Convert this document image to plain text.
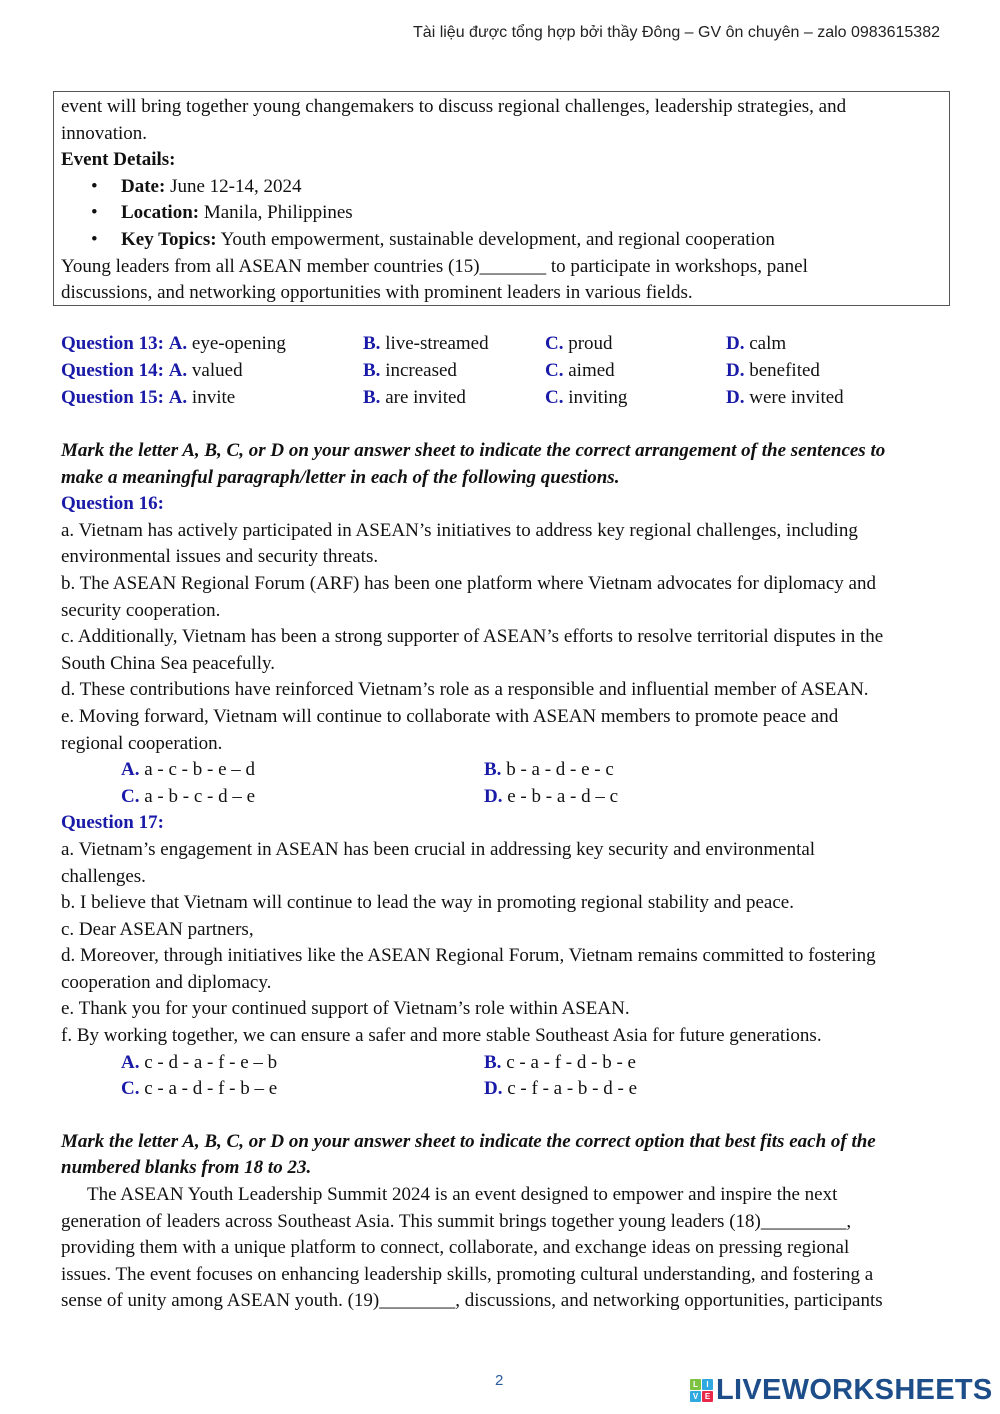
Tài liệu được tổng hợp bởi thầy Đông – GV ôn chuyên – zalo 0983615382
event will bring together young changemakers to discuss regional challenges, leadership strategies, and
innovation.
Event Details:
• Date: June 12-14, 2024
• Location: Manila, Philippines
• Key Topics: Youth empowerment, sustainable development, and regional cooperation
Young leaders from all ASEAN member countries (15)_______ to participate in workshops, panel
discussions, and networking opportunities with prominent leaders in various fields.
Question 13: A. eye-opening	B. live-streamed	C. proud	D. calm
Question 14: A. valued	B. increased	C. aimed	D. benefited
Question 15: A. invite	B. are invited	C. inviting	D. were invited
Mark the letter A, B, C, or D on your answer sheet to indicate the correct arrangement of the sentences to
make a meaningful paragraph/letter in each of the following questions.
Question 16:
a. Vietnam has actively participated in ASEAN’s initiatives to address key regional challenges, including
environmental issues and security threats.
b. The ASEAN Regional Forum (ARF) has been one platform where Vietnam advocates for diplomacy and
security cooperation.
c. Additionally, Vietnam has been a strong supporter of ASEAN’s efforts to resolve territorial disputes in the
South China Sea peacefully.
d. These contributions have reinforced Vietnam’s role as a responsible and influential member of ASEAN.
e. Moving forward, Vietnam will continue to collaborate with ASEAN members to promote peace and
regional cooperation.
A. a - c - b - e – d	B. b - a - d - e - c
C. a - b - c - d – e	D. e - b - a - d – c
Question 17:
a. Vietnam’s engagement in ASEAN has been crucial in addressing key security and environmental
challenges.
b. I believe that Vietnam will continue to lead the way in promoting regional stability and peace.
c. Dear ASEAN partners,
d. Moreover, through initiatives like the ASEAN Regional Forum, Vietnam remains committed to fostering
cooperation and diplomacy.
e. Thank you for your continued support of Vietnam’s role within ASEAN.
f. By working together, we can ensure a safer and more stable Southeast Asia for future generations.
A. c - d - a - f - e – b	B. c - a - f - d - b - e
C. c - a - d - f - b – e	D. c - f - a - b - d - e
Mark the letter A, B, C, or D on your answer sheet to indicate the correct option that best fits each of the
numbered blanks from 18 to 23.
The ASEAN Youth Leadership Summit 2024 is an event designed to empower and inspire the next
generation of leaders across Southeast Asia. This summit brings together young leaders (18)_________,
providing them with a unique platform to connect, collaborate, and exchange ideas on pressing regional
issues. The event focuses on enhancing leadership skills, promoting cultural understanding, and fostering a
sense of unity among ASEAN youth. (19)________, discussions, and networking opportunities, participants
2	L	I
V E LIVEWORKSHEETS
